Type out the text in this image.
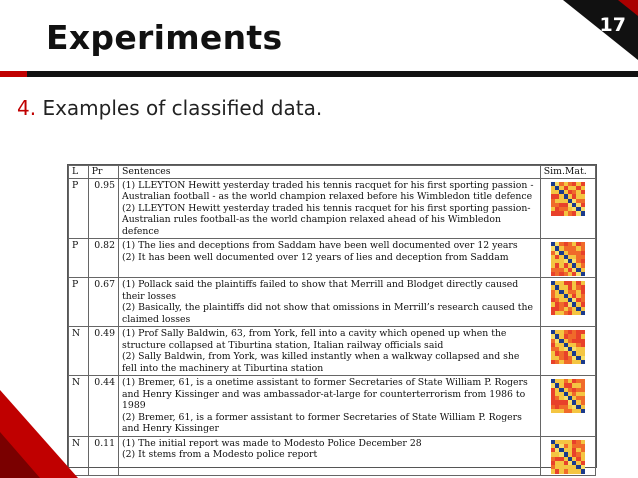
Experiments	17
4. Examples of classified data.
L	Pr	Sentences	Sim.Mat.
P	0.95	(1) LLEYTON Hewitt yesterday traded his tennis racquet for his first sporting passion - Australian football - as the world champion relaxed before his Wimbledon title defence
(2) LLEYTON Hewitt yesterday traded his tennis racquet for his first sporting passion-Australian rules football-as the world champion relaxed ahead of his Wimbledon defence	

P	0.82	(1) The lies and deceptions from Saddam have been well documented over 12 years
(2) It has been well documented over 12 years of lies and deception from Saddam	

P	0.67	(1) Pollack said the plaintiffs failed to show that Merrill and Blodget directly caused their losses
(2) Basically, the plaintiffs did not show that omissions in Merrill’s research caused the claimed losses	

N	0.49	(1) Prof Sally Baldwin, 63, from York, fell into a cavity which opened up when the structure collapsed at Tiburtina station, Italian railway officials said
(2) Sally Baldwin, from York, was killed instantly when a walkway collapsed and she fell into the machinery at Tiburtina station	

N	0.44	(1) Bremer, 61, is a onetime assistant to former Secretaries of State William P. Rogers and Henry Kissinger and was ambassador-at-large for counterterrorism from 1986 to 1989
(2) Bremer, 61, is a former assistant to former Secretaries of State William P. Rogers and Henry Kissinger	

N	0.11	(1) The initial report was made to Modesto Police December 28
(2) It stems from a Modesto police report	
